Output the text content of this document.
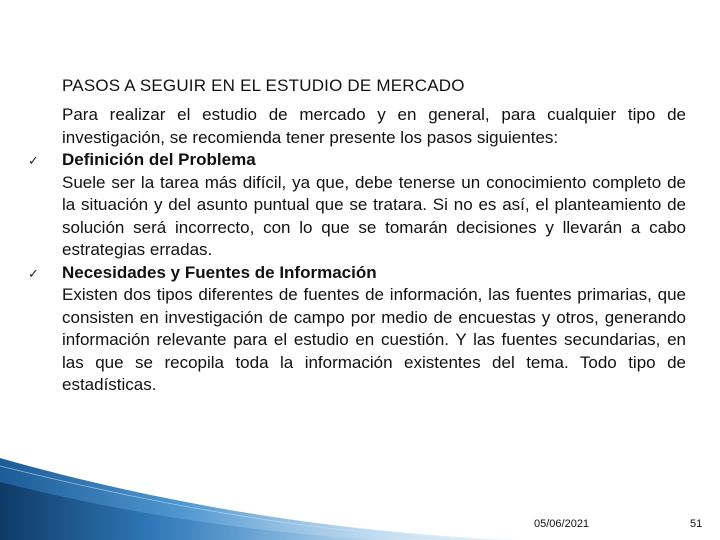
PASOS A SEGUIR EN EL ESTUDIO DE MERCADO

Para realizar el estudio de mercado y en general, para cualquier tipo de investigación, se recomienda tener presente los pasos siguientes:

✓ Definición del Problema

Suele ser la tarea más difícil, ya que, debe tenerse un conocimiento completo de la situación y del asunto puntual que se tratara. Si no es así, el planteamiento de solución será incorrecto, con lo que se tomarán decisiones y llevarán a cabo estrategias erradas.

✓ Necesidades y Fuentes de Información

Existen dos tipos diferentes de fuentes de información, las fuentes primarias, que consisten en investigación de campo por medio de encuestas y otros, generando información relevante para el estudio en cuestión. Y las fuentes secundarias, en las que se recopila toda la información existentes del tema. Todo tipo de estadísticas.

05/06/2021	51
